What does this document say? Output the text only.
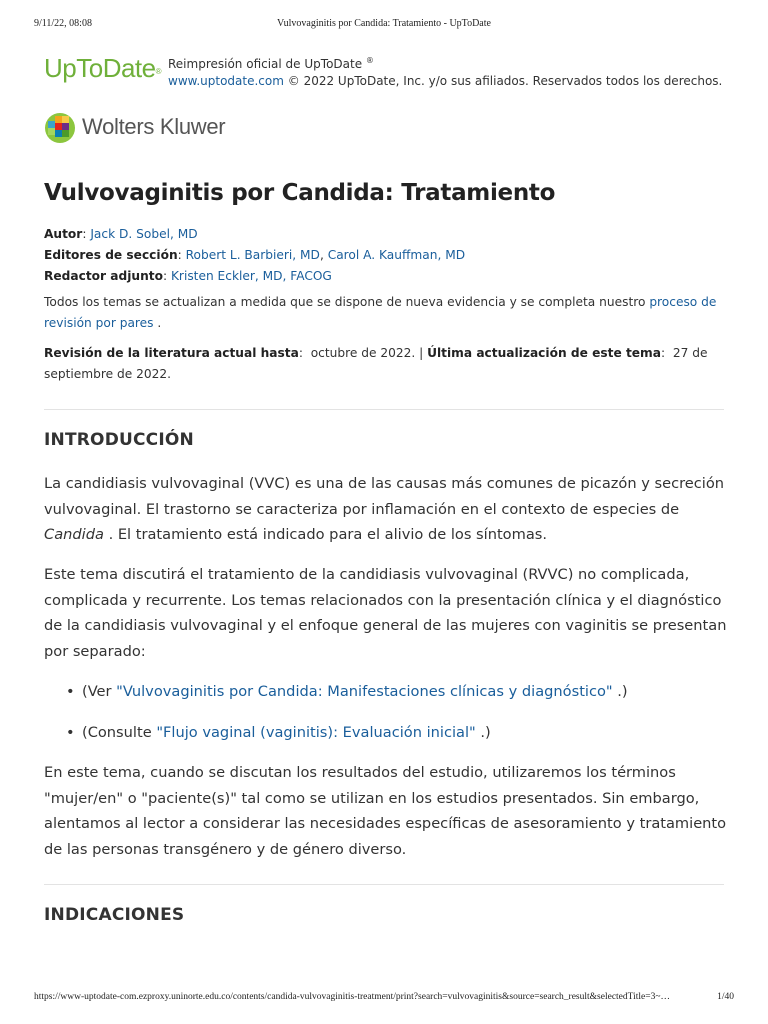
9/11/22, 08:08	Vulvovaginitis por Candida: Tratamiento - UpToDate
UpToDate®
Reimpresión oficial de UpToDate ®
www.uptodate.com © 2022 UpToDate, Inc. y/o sus afiliados. Reservados todos los derechos.
Wolters Kluwer
Vulvovaginitis por Candida: Tratamiento
Autor: Jack D. Sobel, MD
Editores de sección: Robert L. Barbieri, MD, Carol A. Kauffman, MD
Redactor adjunto: Kristen Eckler, MD, FACOG
Todos los temas se actualizan a medida que se dispone de nueva evidencia y se completa nuestro proceso de revisión por pares .
Revisión de la literatura actual hasta:  octubre de 2022. | Última actualización de este tema:  27 de septiembre de 2022.
INTRODUCCIÓN
La candidiasis vulvovaginal (VVC) es una de las causas más comunes de picazón y secreción vulvovaginal. El trastorno se caracteriza por inflamación en el contexto de especies de Candida . El tratamiento está indicado para el alivio de los síntomas.
Este tema discutirá el tratamiento de la candidiasis vulvovaginal (RVVC) no complicada, complicada y recurrente. Los temas relacionados con la presentación clínica y el diagnóstico de la candidiasis vulvovaginal y el enfoque general de las mujeres con vaginitis se presentan por separado:
• (Ver "Vulvovaginitis por Candida: Manifestaciones clínicas y diagnóstico" .)
• (Consulte "Flujo vaginal (vaginitis): Evaluación inicial" .)
En este tema, cuando se discutan los resultados del estudio, utilizaremos los términos "mujer/en" o "paciente(s)" tal como se utilizan en los estudios presentados. Sin embargo, alentamos al lector a considerar las necesidades específicas de asesoramiento y tratamiento de las personas transgénero y de género diverso.
INDICACIONES
https://www-uptodate-com.ezproxy.uninorte.edu.co/contents/candida-vulvovaginitis-treatment/print?search=vulvovaginitis&source=search_result&selectedTitle=3~…	1/40
